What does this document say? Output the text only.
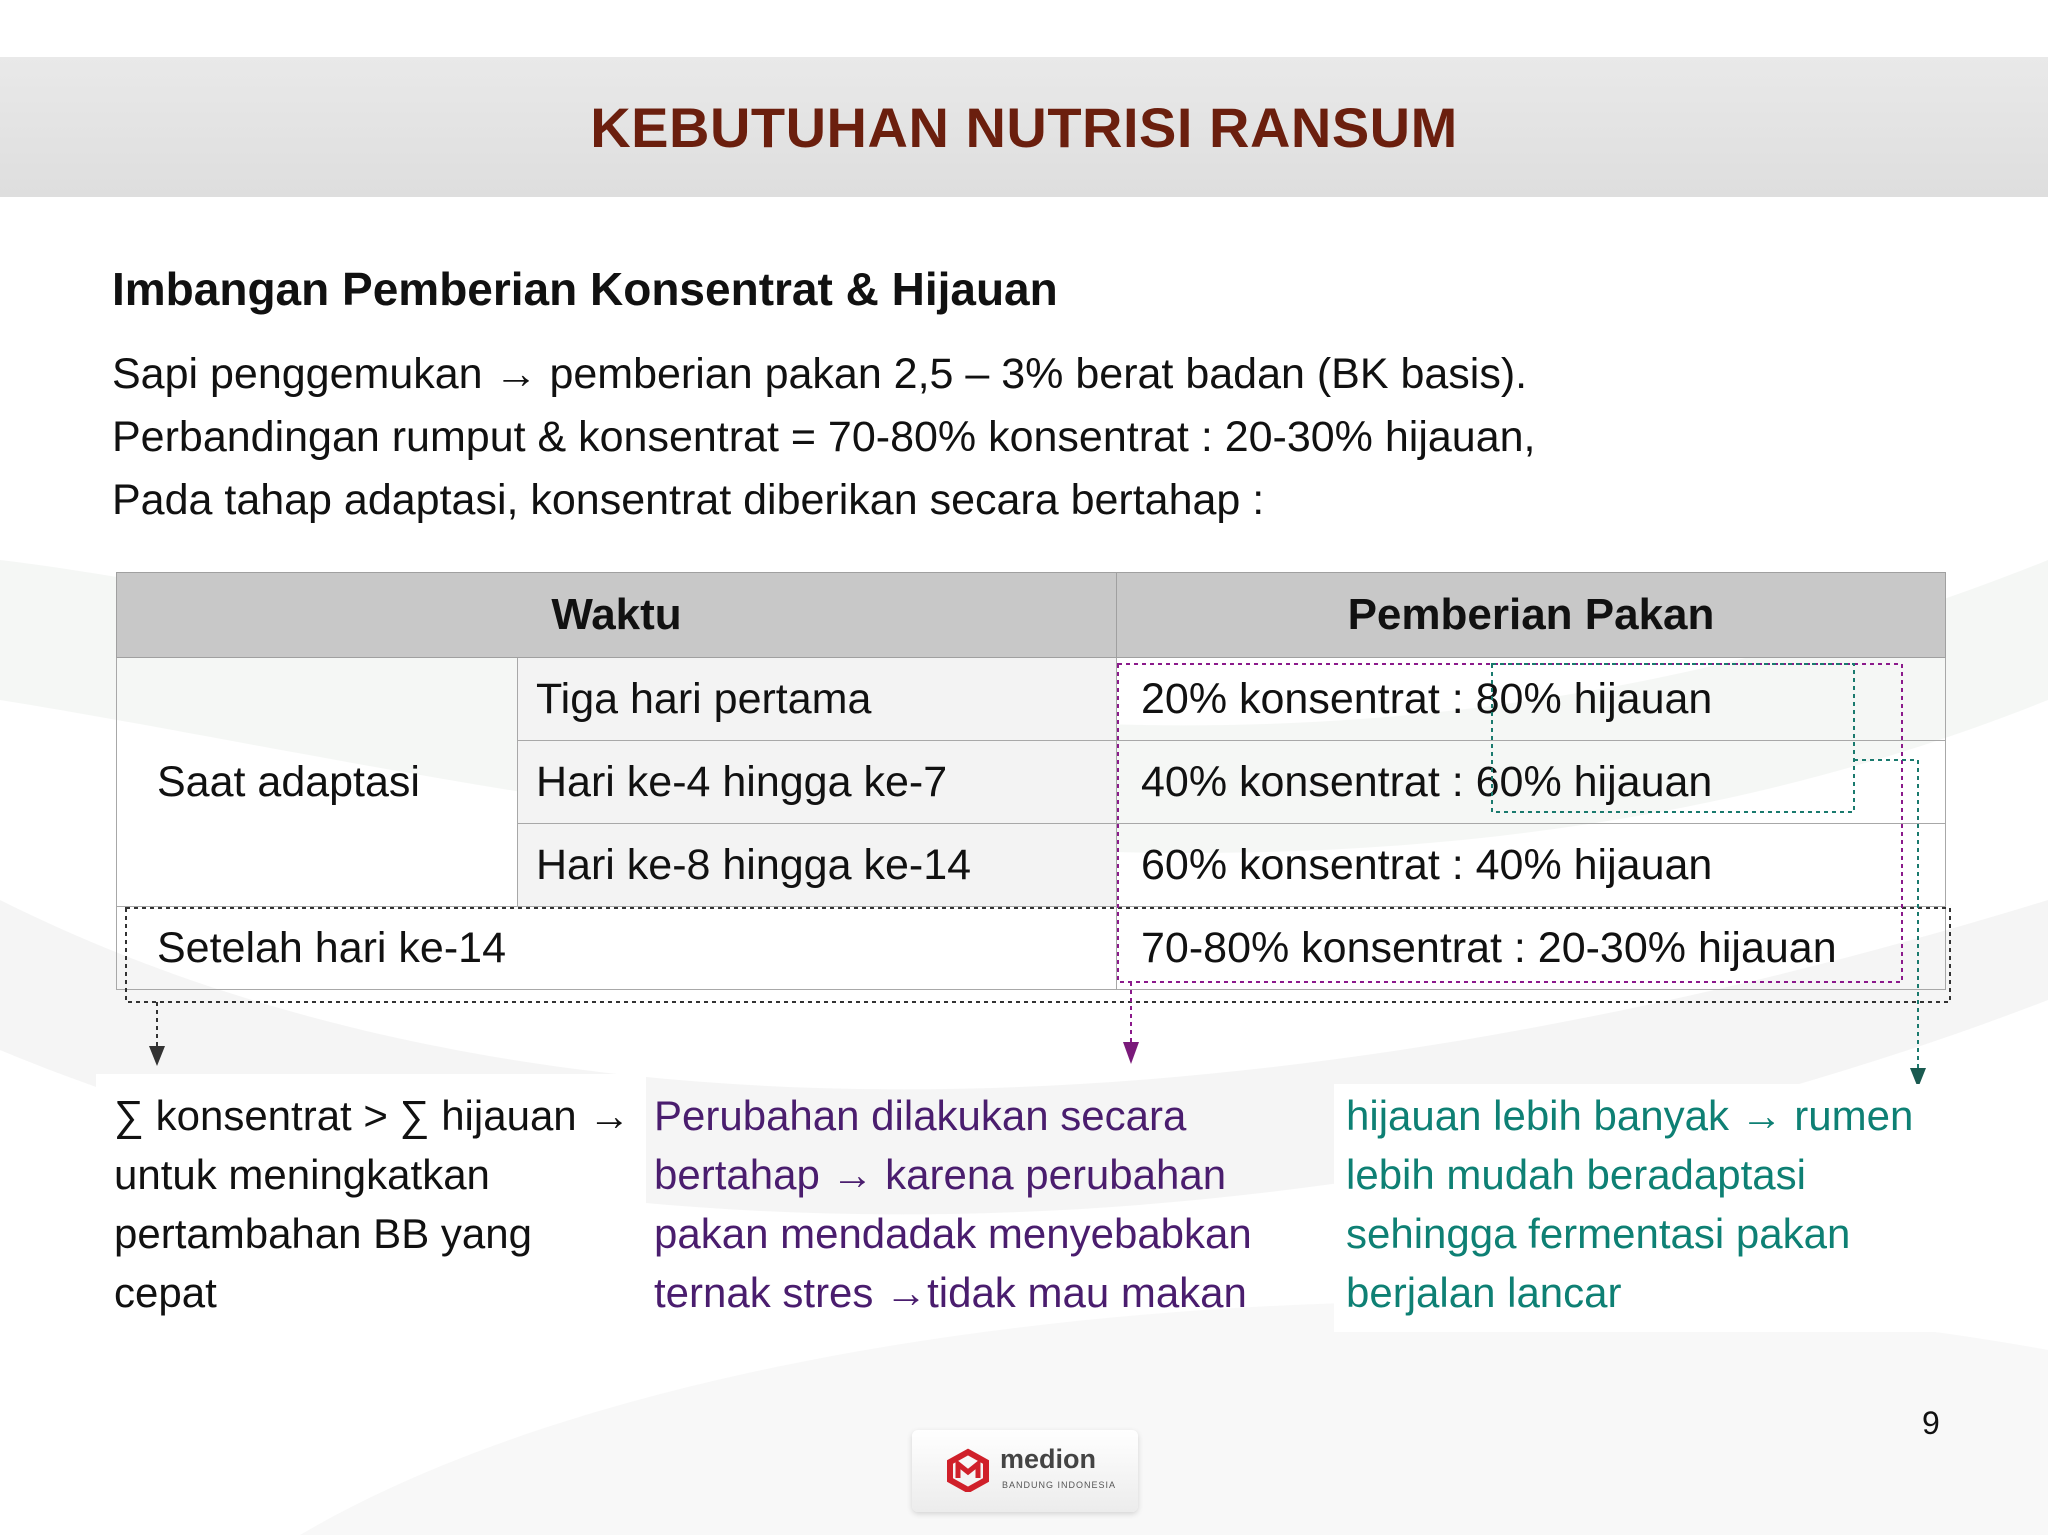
KEBUTUHAN NUTRISI RANSUM
Imbangan Pemberian Konsentrat & Hijauan
Sapi penggemukan → pemberian pakan 2,5 – 3% berat badan (BK basis).
Perbandingan rumput & konsentrat = 70-80% konsentrat : 20-30% hijauan,
Pada tahap adaptasi, konsentrat diberikan secara bertahap :
Waktu		Pemberian Pakan
Saat adaptasi	Tiga hari pertama	20% konsentrat : 80% hijauan
	Hari ke-4 hingga ke-7	40% konsentrat : 60% hijauan
	Hari ke-8 hingga ke-14	60% konsentrat : 40% hijauan
Setelah hari ke-14		70-80% konsentrat : 20-30% hijauan
∑ konsentrat > ∑ hijauan → untuk meningkatkan pertambahan BB yang cepat
Perubahan dilakukan secara bertahap → karena perubahan pakan mendadak menyebabkan ternak stres →tidak mau makan
hijauan lebih banyak → rumen lebih mudah beradaptasi sehingga fermentasi pakan berjalan lancar
9
medion
BANDUNG INDONESIA
